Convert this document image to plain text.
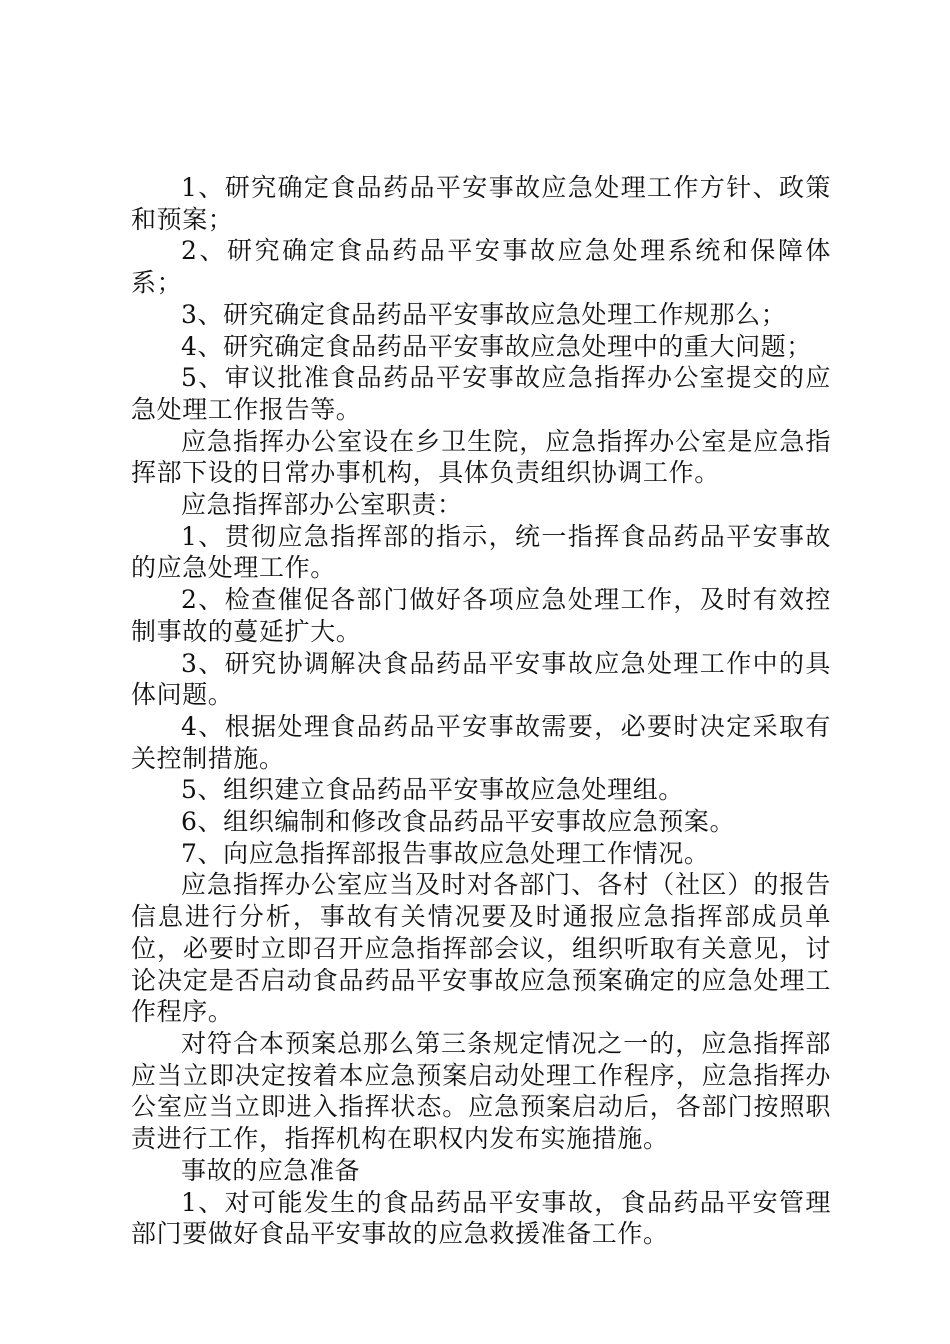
1、研究确定食品药品平安事故应急处理工作方针、政策和预案；

2、研究确定食品药品平安事故应急处理系统和保障体系；

3、研究确定食品药品平安事故应急处理工作规那么；

4、研究确定食品药品平安事故应急处理中的重大问题；

5、审议批准食品药品平安事故应急指挥办公室提交的应急处理工作报告等。

应急指挥办公室设在乡卫生院，应急指挥办公室是应急指挥部下设的日常办事机构，具体负责组织协调工作。

应急指挥部办公室职责：

1、贯彻应急指挥部的指示，统一指挥食品药品平安事故的应急处理工作。

2、检查催促各部门做好各项应急处理工作，及时有效控制事故的蔓延扩大。

3、研究协调解决食品药品平安事故应急处理工作中的具体问题。

4、根据处理食品药品平安事故需要，必要时决定采取有关控制措施。

5、组织建立食品药品平安事故应急处理组。

6、组织编制和修改食品药品平安事故应急预案。

7、向应急指挥部报告事故应急处理工作情况。

应急指挥办公室应当及时对各部门、各村（社区）的报告信息进行分析，事故有关情况要及时通报应急指挥部成员单位，必要时立即召开应急指挥部会议，组织听取有关意见，讨论决定是否启动食品药品平安事故应急预案确定的应急处理工作程序。

对符合本预案总那么第三条规定情况之一的，应急指挥部应当立即决定按着本应急预案启动处理工作程序，应急指挥办公室应当立即进入指挥状态。应急预案启动后，各部门按照职责进行工作，指挥机构在职权内发布实施措施。

事故的应急准备

1、对可能发生的食品药品平安事故，食品药品平安管理部门要做好食品平安事故的应急救援准备工作。
